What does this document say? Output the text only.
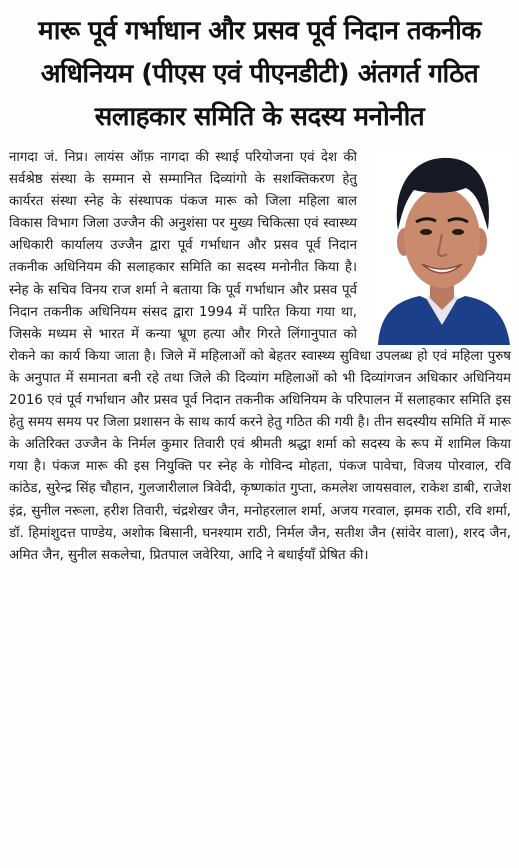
मारू पूर्व गर्भाधान और प्रसव पूर्व निदान तकनीक
अधिनियम (पीएस एवं पीएनडीटी) अंतगर्त गठित
सलाहकार समिति के सदस्य मनोनीत

नागदा जं. निप्र। लायंस ऑफ़ नागदा की स्थाई परियोजना एवं देश की सर्वश्रेष्ठ संस्था के सम्मान से सम्मानित दिव्यांगो के सशक्तिकरण हेतु कार्यरत संस्था स्नेह के संस्थापक पंकज मारू को जिला महिला बाल विकास विभाग जिला उज्जैन की अनुशंसा पर मुख्य चिकित्सा एवं स्वास्थ्य अधिकारी कार्यालय उज्जैन द्वारा पूर्व गर्भाधान और प्रसव पूर्व निदान तकनीक अधिनियम की सलाहकार समिति का सदस्य मनोनीत किया है। स्नेह के सचिव विनय राज शर्मा ने बताया कि पूर्व गर्भाधान और प्रसव पूर्व निदान तकनीक अधिनियम संसद द्वारा 1994 में पारित किया गया था, जिसके मध्यम से भारत में कन्या भ्रूण हत्या और गिरते लिंगानुपात को रोकने का कार्य किया जाता है। जिले में महिलाओं को बेहतर स्वास्थ्य सुविधा उपलब्ध हो एवं महिला पुरुष के अनुपात में समानता बनी रहे तथा जिले की दिव्यांग महिलाओं को भी दिव्यांगजन अधिकार अधिनियम 2016 एवं पूर्व गर्भाधान और प्रसव पूर्व निदान तकनीक अधिनियम के परिपालन में सलाहकार समिति इस हेतु समय समय पर जिला प्रशासन के साथ कार्य करने हेतु गठित की गयी है। तीन सदस्यीय समिति में मारू के अतिरिक्त उज्जैन के निर्मल कुमार तिवारी एवं श्रीमती श्रद्धा शर्मा को सदस्य के रूप में शामिल किया गया है। पंकज मारू की इस नियुक्ति पर स्नेह के गोविन्द मोहता, पंकज पावेचा, विजय पोरवाल, रवि कांठेड, सुरेन्द्र सिंह चौहान, गुलजारीलाल त्रिवेदी, कृष्णकांत गुप्ता, कमलेश जायसवाल, राकेश डाबी, राजेश इंद्र, सुनील नरूला, हरीश तिवारी, चंद्रशेखर जैन, मनोहरलाल शर्मा, अजय गरवाल, झमक राठी, रवि शर्मा, डॉ. हिमांशुदत्त पाण्डेय, अशोक बिसानी, घनश्याम राठी, निर्मल जैन, सतीश जैन (सांवेर वाला), शरद जैन, अमित जैन, सुनील सकलेचा, प्रितपाल जवेरिया, आदि ने बधाईयाँ प्रेषित की।
